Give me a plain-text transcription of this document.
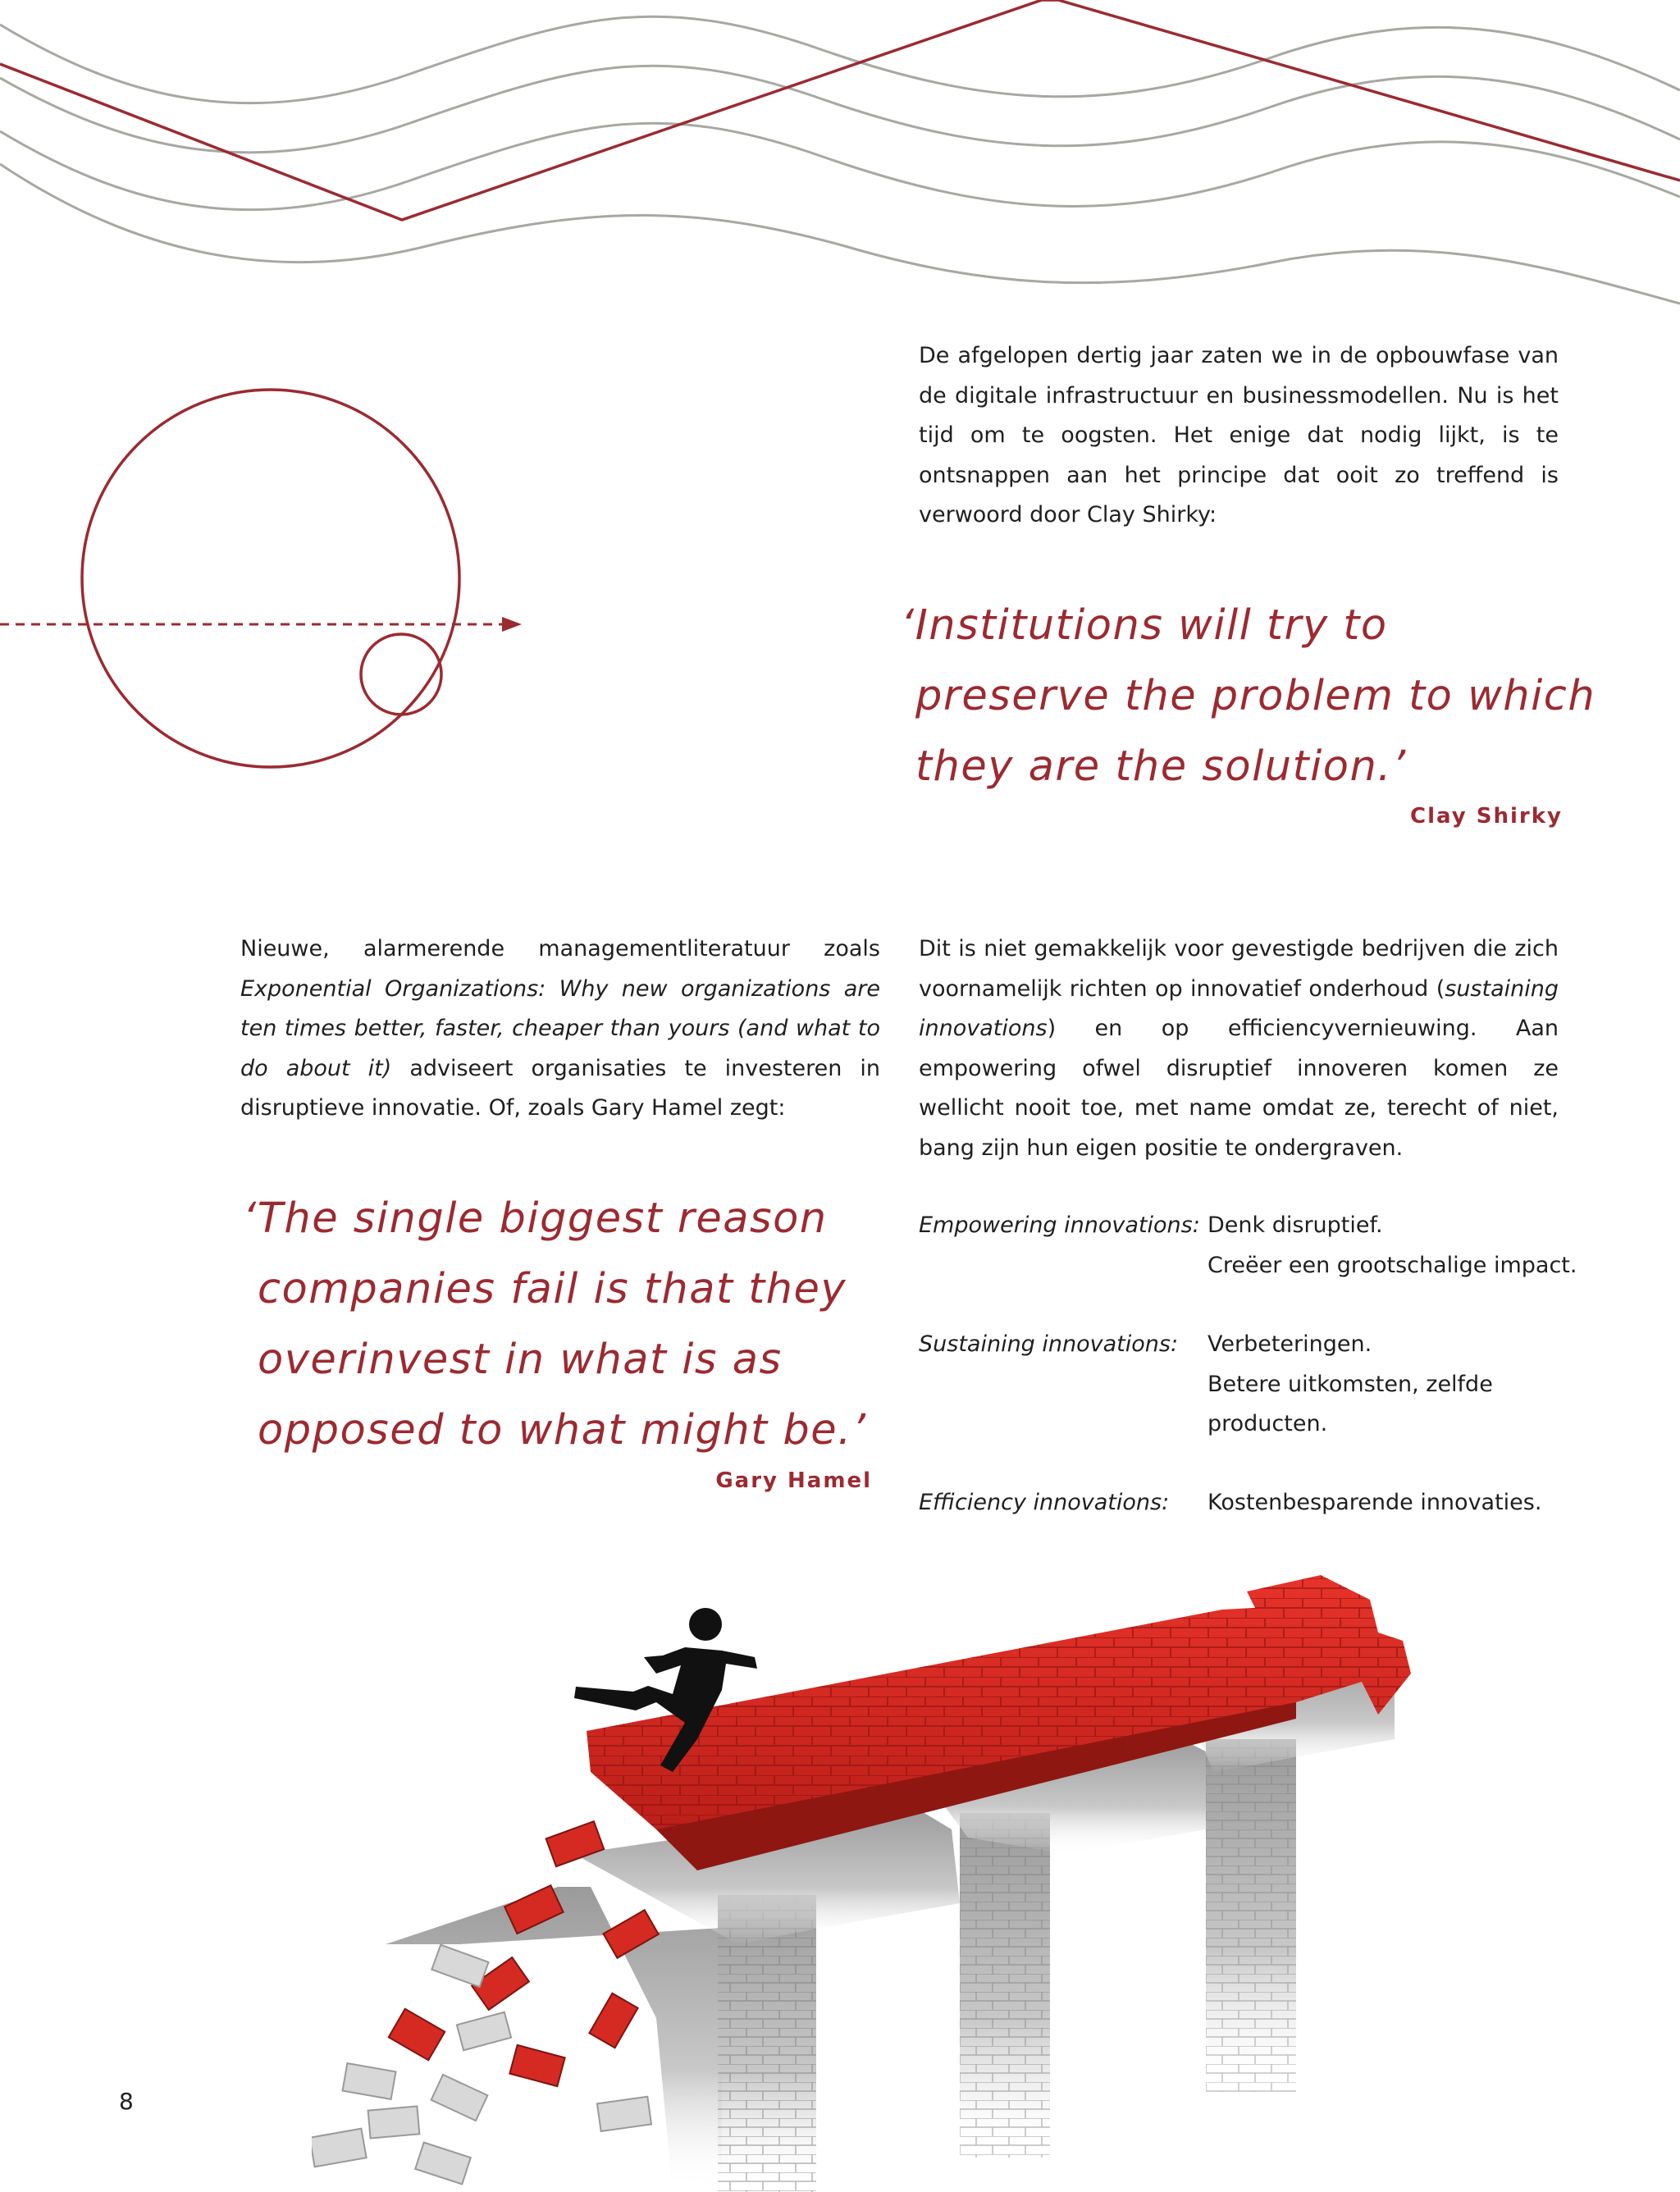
De afgelopen dertig jaar zaten we in de opbouwfase van de digitale infrastructuur en businessmodellen. Nu is het tijd om te oogsten. Het enige dat nodig lijkt, is te ontsnappen aan het principe dat ooit zo treffend is verwoord door Clay Shirky:

‘Institutions will try to
preserve the problem to which
they are the solution.’

Clay Shirky

Nieuwe, alarmerende managementliteratuur zoals Exponential Organizations: Why new organizations are ten times better, faster, cheaper than yours (and what to do about it) adviseert organisaties te investeren in disruptieve innovatie. Of, zoals Gary Hamel zegt:

‘The single biggest reason
companies fail is that they
overinvest in what is as
opposed to what might be.’

Gary Hamel

Dit is niet gemakkelijk voor gevestigde bedrijven die zich voornamelijk richten op innovatief onderhoud (sustaining innovations) en op efficiencyvernieuwing. Aan empowering ofwel disruptief innoveren komen ze wellicht nooit toe, met name omdat ze, terecht of niet, bang zijn hun eigen positie te ondergraven.

Empowering innovations: Denk disruptief.
Creëer een grootschalige impact.
Sustaining innovations: Verbeteringen.
Betere uitkomsten, zelfde producten.
Efficiency innovations: Kostenbesparende innovaties.
8
